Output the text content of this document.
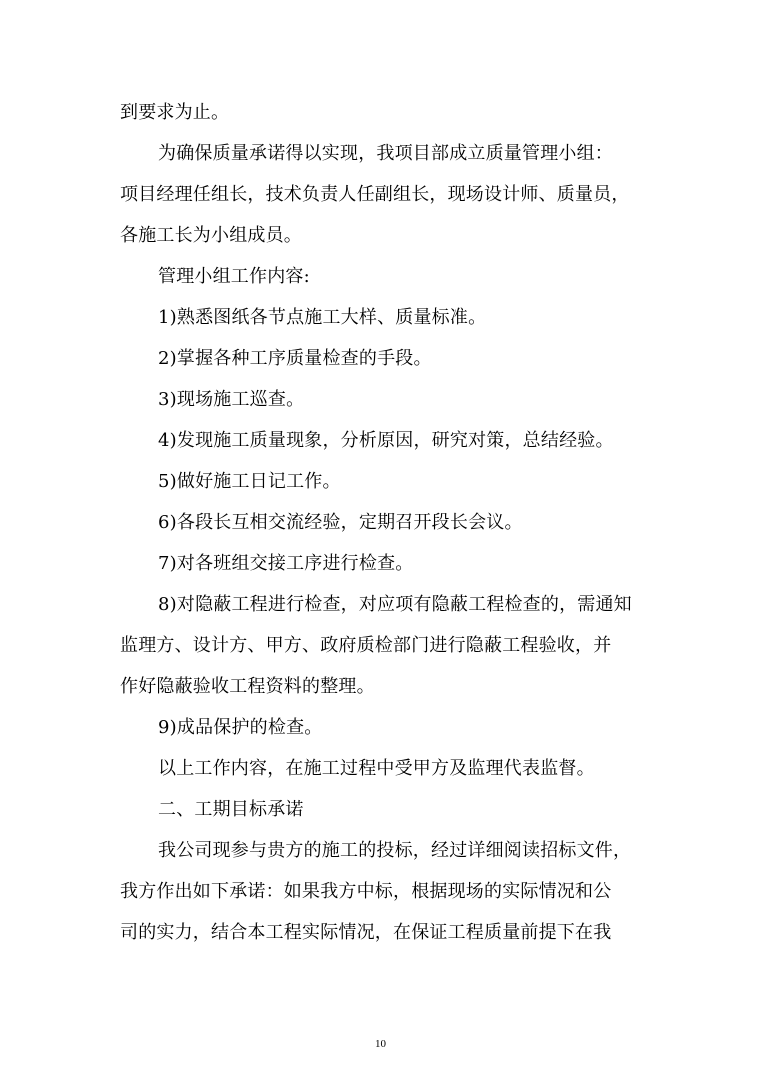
到要求为止。
为确保质量承诺得以实现，我项目部成立质量管理小组：
项目经理任组长，技术负责人任副组长，现场设计师、质量员，
各施工长为小组成员。
管理小组工作内容:
1)熟悉图纸各节点施工大样、质量标准。
2)掌握各种工序质量检查的手段。
3)现场施工巡查。
4)发现施工质量现象，分析原因，研究对策，总结经验。
5)做好施工日记工作。
6)各段长互相交流经验，定期召开段长会议。
7)对各班组交接工序进行检查。
8)对隐蔽工程进行检查，对应项有隐蔽工程检查的，需通知
监理方、设计方、甲方、政府质检部门进行隐蔽工程验收，并
作好隐蔽验收工程资料的整理。
9)成品保护的检查。
以上工作内容，在施工过程中受甲方及监理代表监督。
二、工期目标承诺
我公司现参与贵方的施工的投标，经过详细阅读招标文件，
我方作出如下承诺：如果我方中标，根据现场的实际情况和公
司的实力，结合本工程实际情况，在保证工程质量前提下在我
10
